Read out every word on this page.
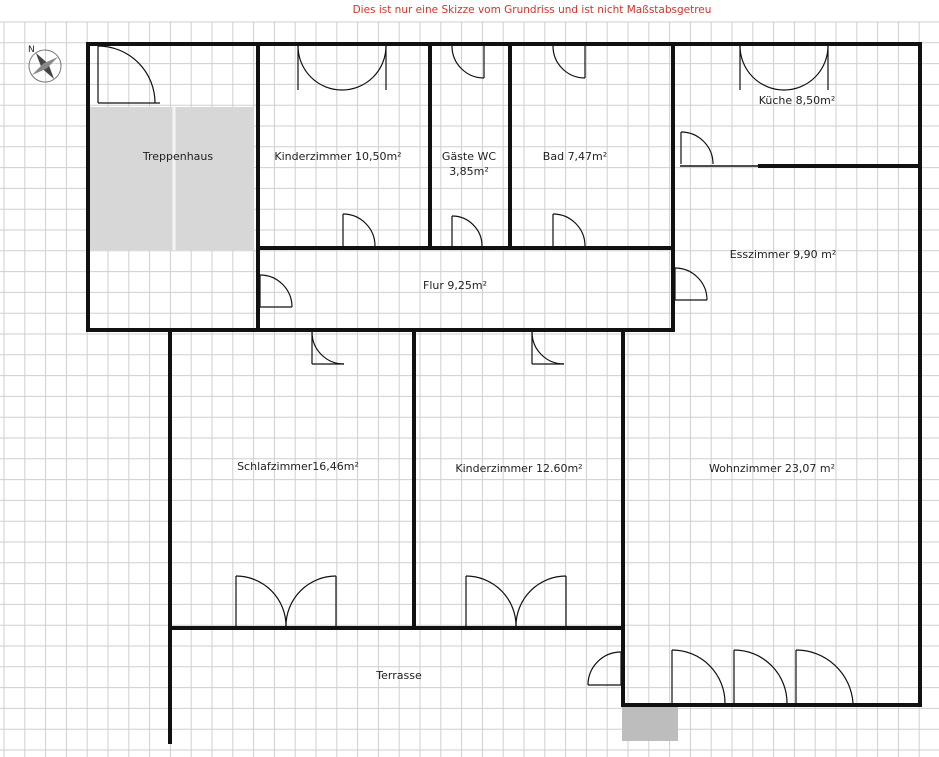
N
Dies ist nur eine Skizze vom Grundriss und ist nicht Maßstabsgetreu
Treppenhaus	Kinderzimmer 10,50m²	Gäste WC
3,85m²
Bad 7,47m²
Küche 8,50m²
Esszimmer 9,90 m²
Flur 9,25m²
Schlafzimmer16,46m²	Kinderzimmer 12.60m²	Wohnzimmer 23,07 m²
Terrasse
